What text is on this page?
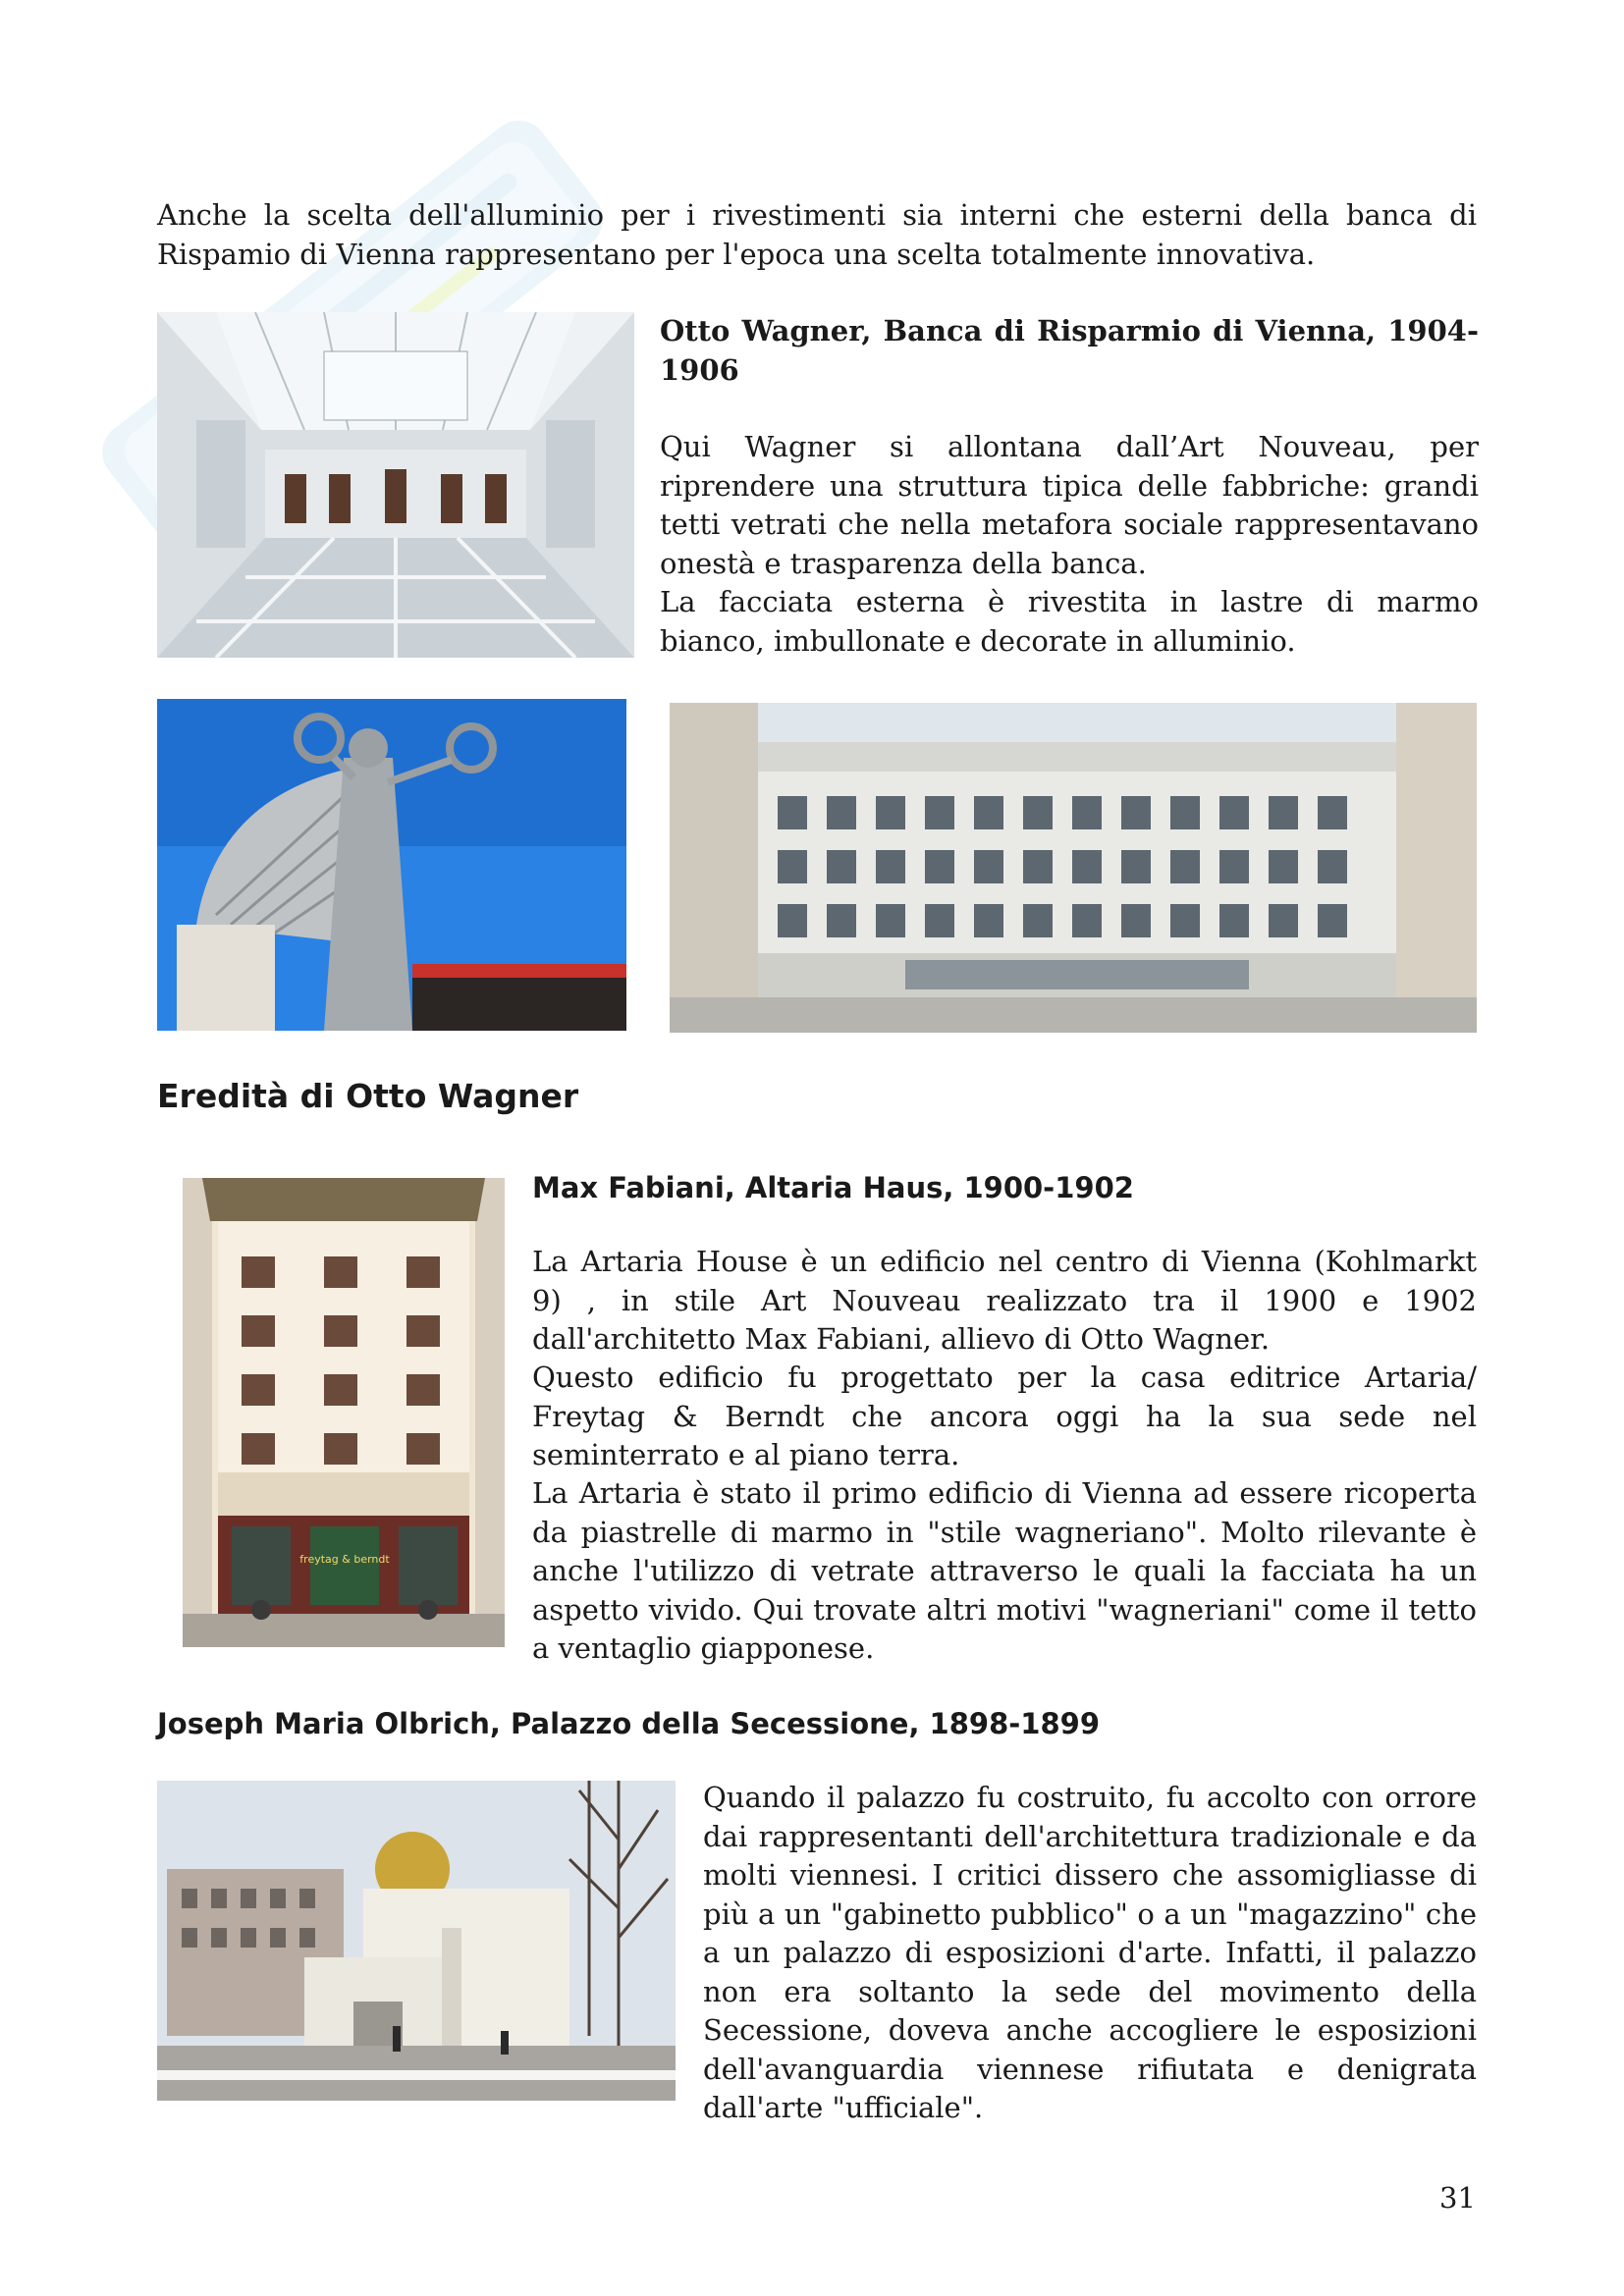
Anche la scelta dell'alluminio per i rivestimenti sia interni che esterni della banca di Rispamio di Vienna rappresentano per l'epoca una scelta totalmente innovativa.

Otto Wagner, Banca di Risparmio di Vienna, 1904-1906

Qui Wagner si allontana dall’Art Nouveau, per riprendere una struttura tipica delle fabbriche: grandi tetti vetrati che nella metafora sociale rappresentavano onestà e trasparenza della banca.

La facciata esterna è rivestita in lastre di marmo bianco, imbullonate e decorate in alluminio.

Eredità di Otto Wagner

freytag & berndt

Max Fabiani, Altaria Haus, 1900-1902

La Artaria House è un edificio nel centro di Vienna (Kohlmarkt 9) , in stile Art Nouveau realizzato tra il 1900 e 1902 dall'architetto Max Fabiani, allievo di Otto Wagner.

Questo edificio fu progettato per la casa editrice Artaria/ Freytag & Berndt che ancora oggi ha la sua sede nel seminterrato e al piano terra.

La Artaria è stato il primo edificio di Vienna ad essere ricoperta da piastrelle di marmo in "stile wagneriano". Molto rilevante è anche l'utilizzo di vetrate attraverso le quali la facciata ha un aspetto vivido. Qui trovate altri motivi "wagneriani" come il tetto a ventaglio giapponese.

Joseph Maria Olbrich, Palazzo della Secessione, 1898-1899

Quando il palazzo fu costruito, fu accolto con orrore dai rappresentanti dell'architettura tradizionale e da molti viennesi. I critici dissero che assomigliasse di più a un "gabinetto pubblico" o a un "magazzino" che a un palazzo di esposizioni d'arte. Infatti, il palazzo non era soltanto la sede del movimento della Secessione, doveva anche accogliere le esposizioni dell'avanguardia viennese rifiutata e denigrata dall'arte "ufficiale".

31
